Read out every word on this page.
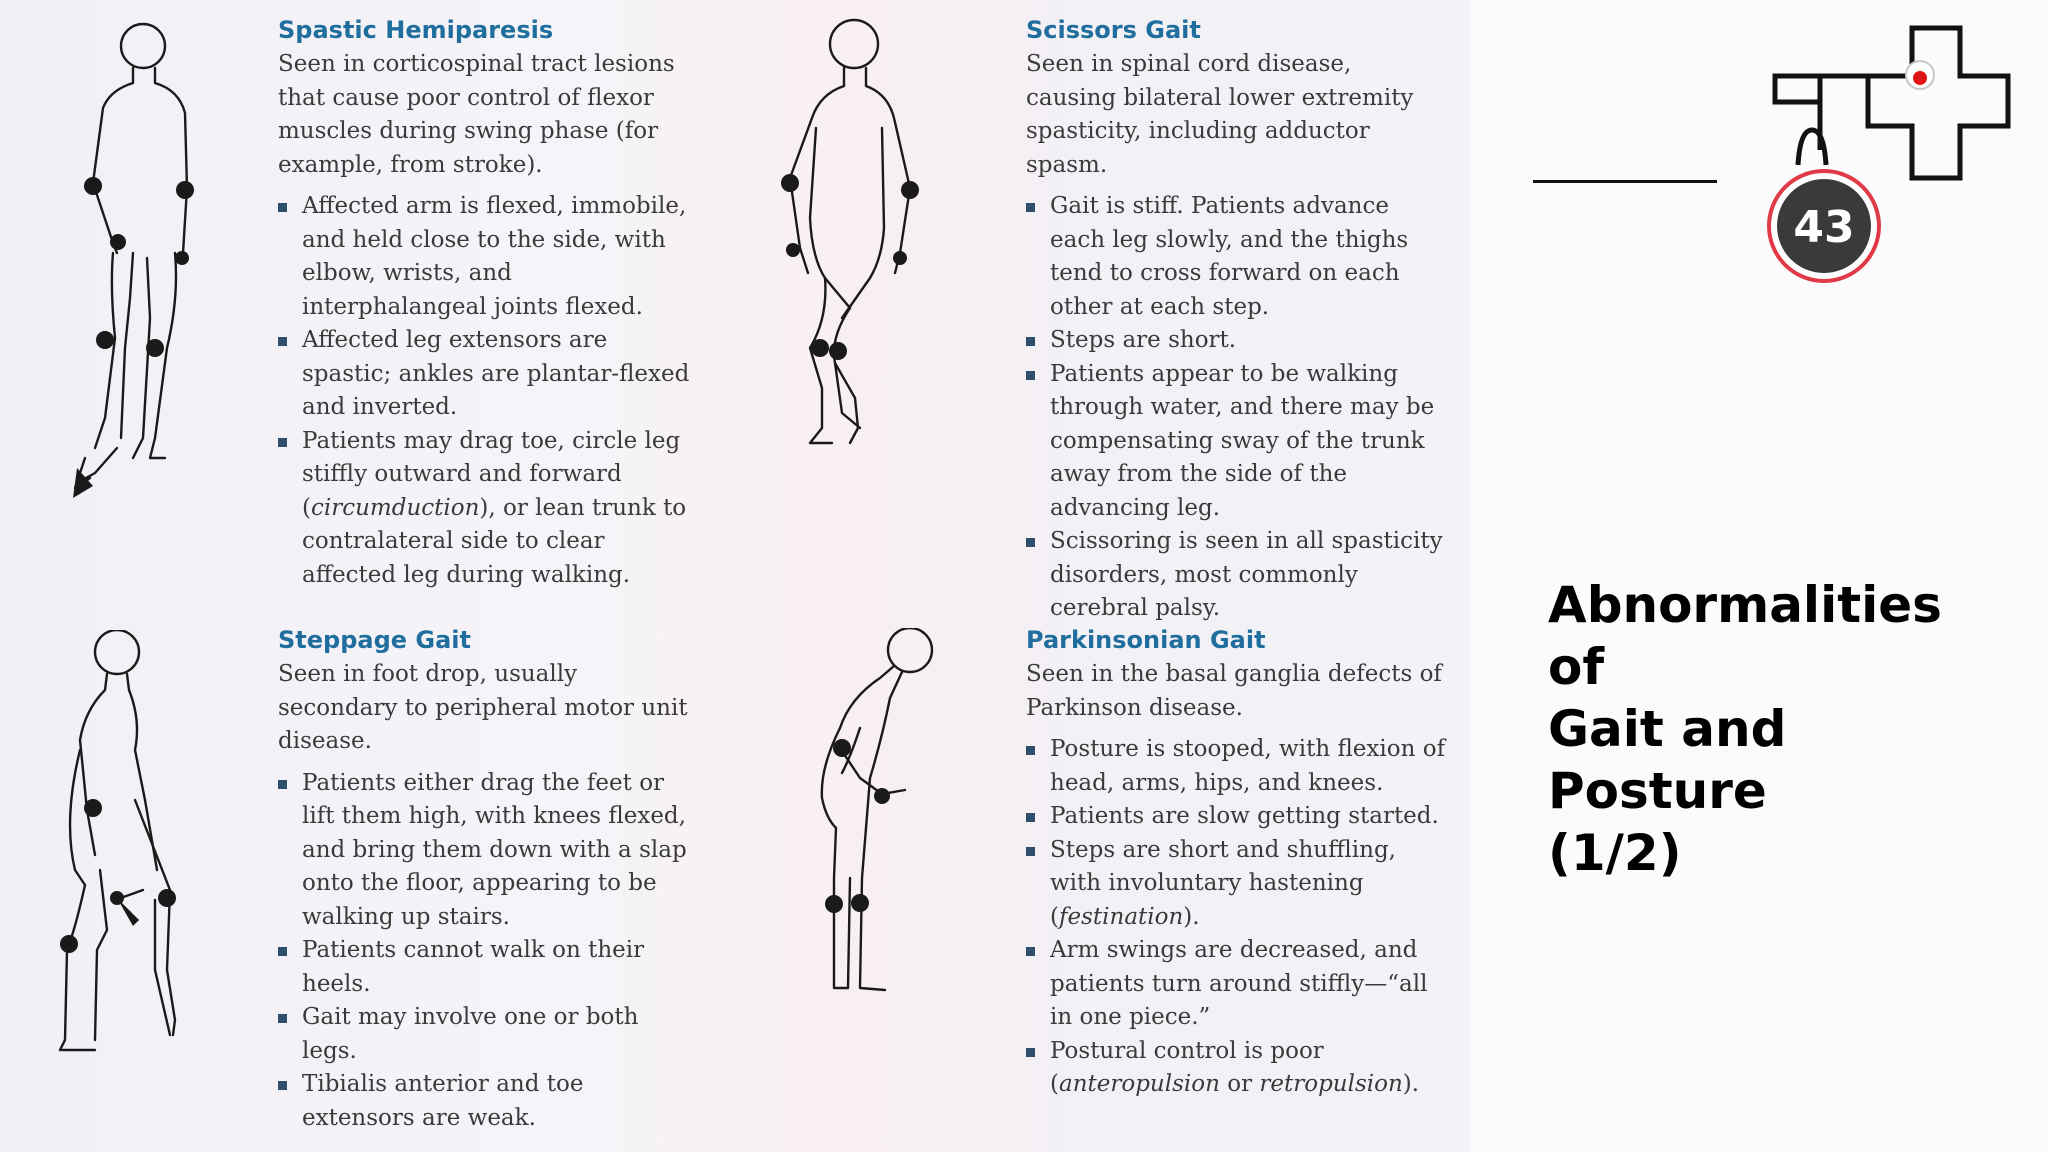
Spastic Hemiparesis

Seen in corticospinal tract lesions that cause poor control of flexor muscles during swing phase (for example, from stroke).

Affected arm is flexed, immobile, and held close to the side, with elbow, wrists, and interphalangeal joints flexed.
Affected leg extensors are spastic; ankles are plantar-flexed and inverted.
Patients may drag toe, circle leg stiffly outward and forward (circumduction), or lean trunk to contralateral side to clear affected leg during walking.
Scissors Gait

Seen in spinal cord disease, causing bilateral lower extremity spasticity, including adductor spasm.

Gait is stiff. Patients advance each leg slowly, and the thighs tend to cross forward on each other at each step.
Steps are short.
Patients appear to be walking through water, and there may be compensating sway of the trunk away from the side of the advancing leg.
Scissoring is seen in all spasticity disorders, most commonly cerebral palsy.
Steppage Gait

Seen in foot drop, usually secondary to peripheral motor unit disease.

Patients either drag the feet or lift them high, with knees flexed, and bring them down with a slap onto the floor, appearing to be walking up stairs.
Patients cannot walk on their heels.
Gait may involve one or both legs.
Tibialis anterior and toe extensors are weak.
Parkinsonian Gait

Seen in the basal ganglia defects of Parkinson disease.

Posture is stooped, with flexion of head, arms, hips, and knees.
Patients are slow getting started.
Steps are short and shuffling, with involuntary hastening (festination).
Arm swings are decreased, and patients turn around stiffly—“all in one piece.”
Postural control is poor (anteropulsion or retropulsion).
43
Abnormalities of
Gait and Posture
(1/2)
